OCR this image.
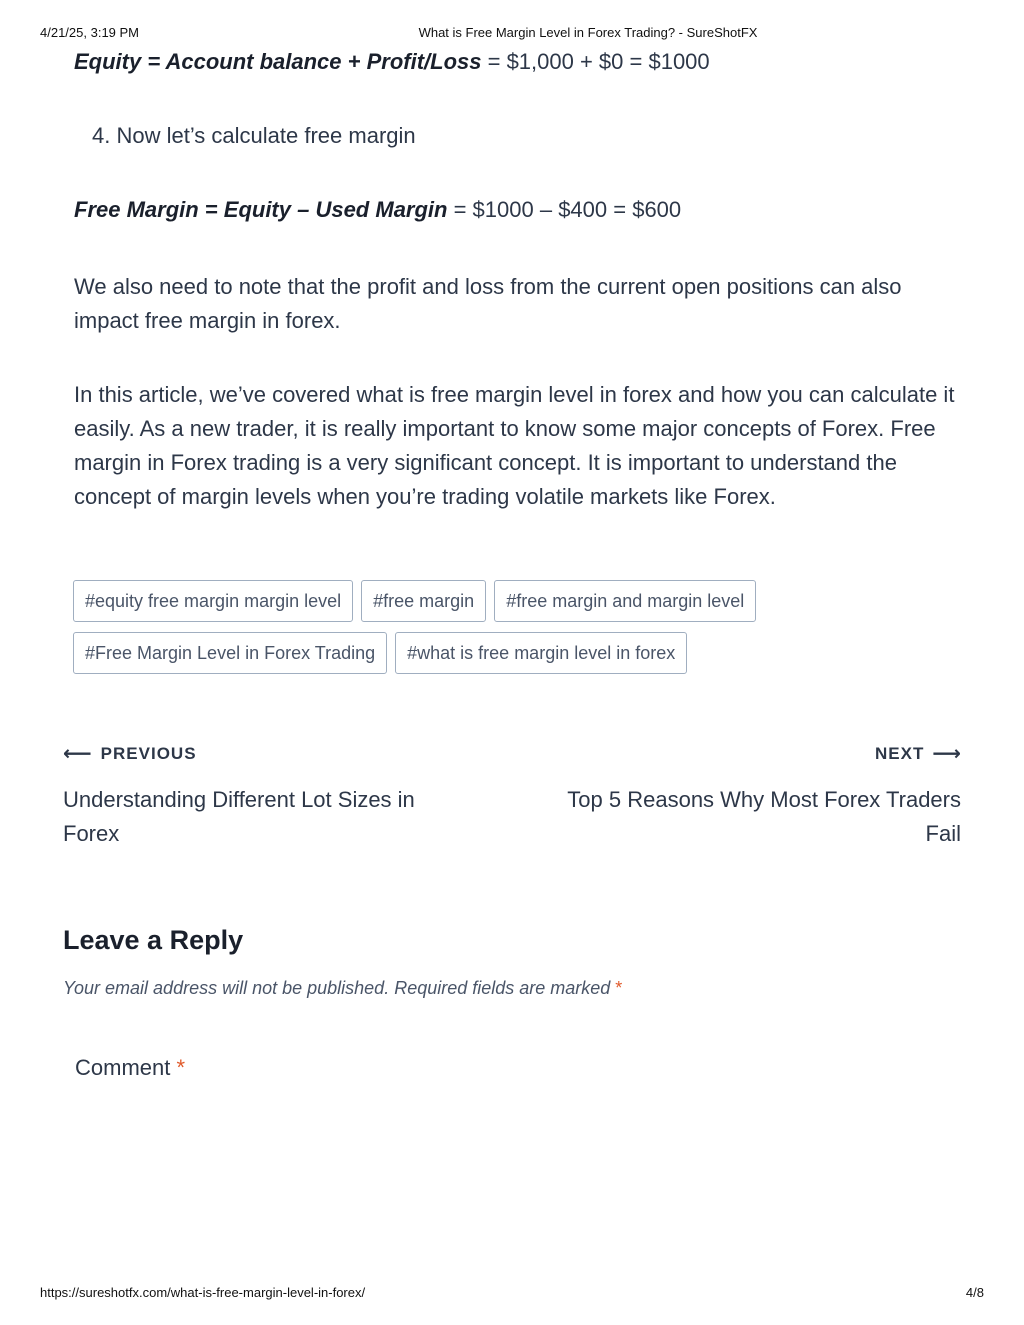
4/21/25, 3:19 PM	What is Free Margin Level in Forex Trading? - SureShotFX
Equity = Account balance + Profit/Loss = $1,000 + $0 = $1000
4. Now let’s calculate free margin
Free Margin = Equity – Used Margin = $1000 – $400 = $600
We also need to note that the profit and loss from the current open positions can also impact free margin in forex.
In this article, we’ve covered what is free margin level in forex and how you can calculate it easily. As a new trader, it is really important to know some major concepts of Forex. Free margin in Forex trading is a very significant concept. It is important to understand the concept of margin levels when you’re trading volatile markets like Forex.
#equity free margin margin level	#free margin	#free margin and margin level
#Free Margin Level in Forex Trading	#what is free margin level in forex
⟵ PREVIOUS
Understanding Different Lot Sizes in Forex
NEXT ⟶
Top 5 Reasons Why Most Forex Traders Fail
Leave a Reply
Your email address will not be published. Required fields are marked *
Comment *
https://sureshotfx.com/what-is-free-margin-level-in-forex/	4/8
